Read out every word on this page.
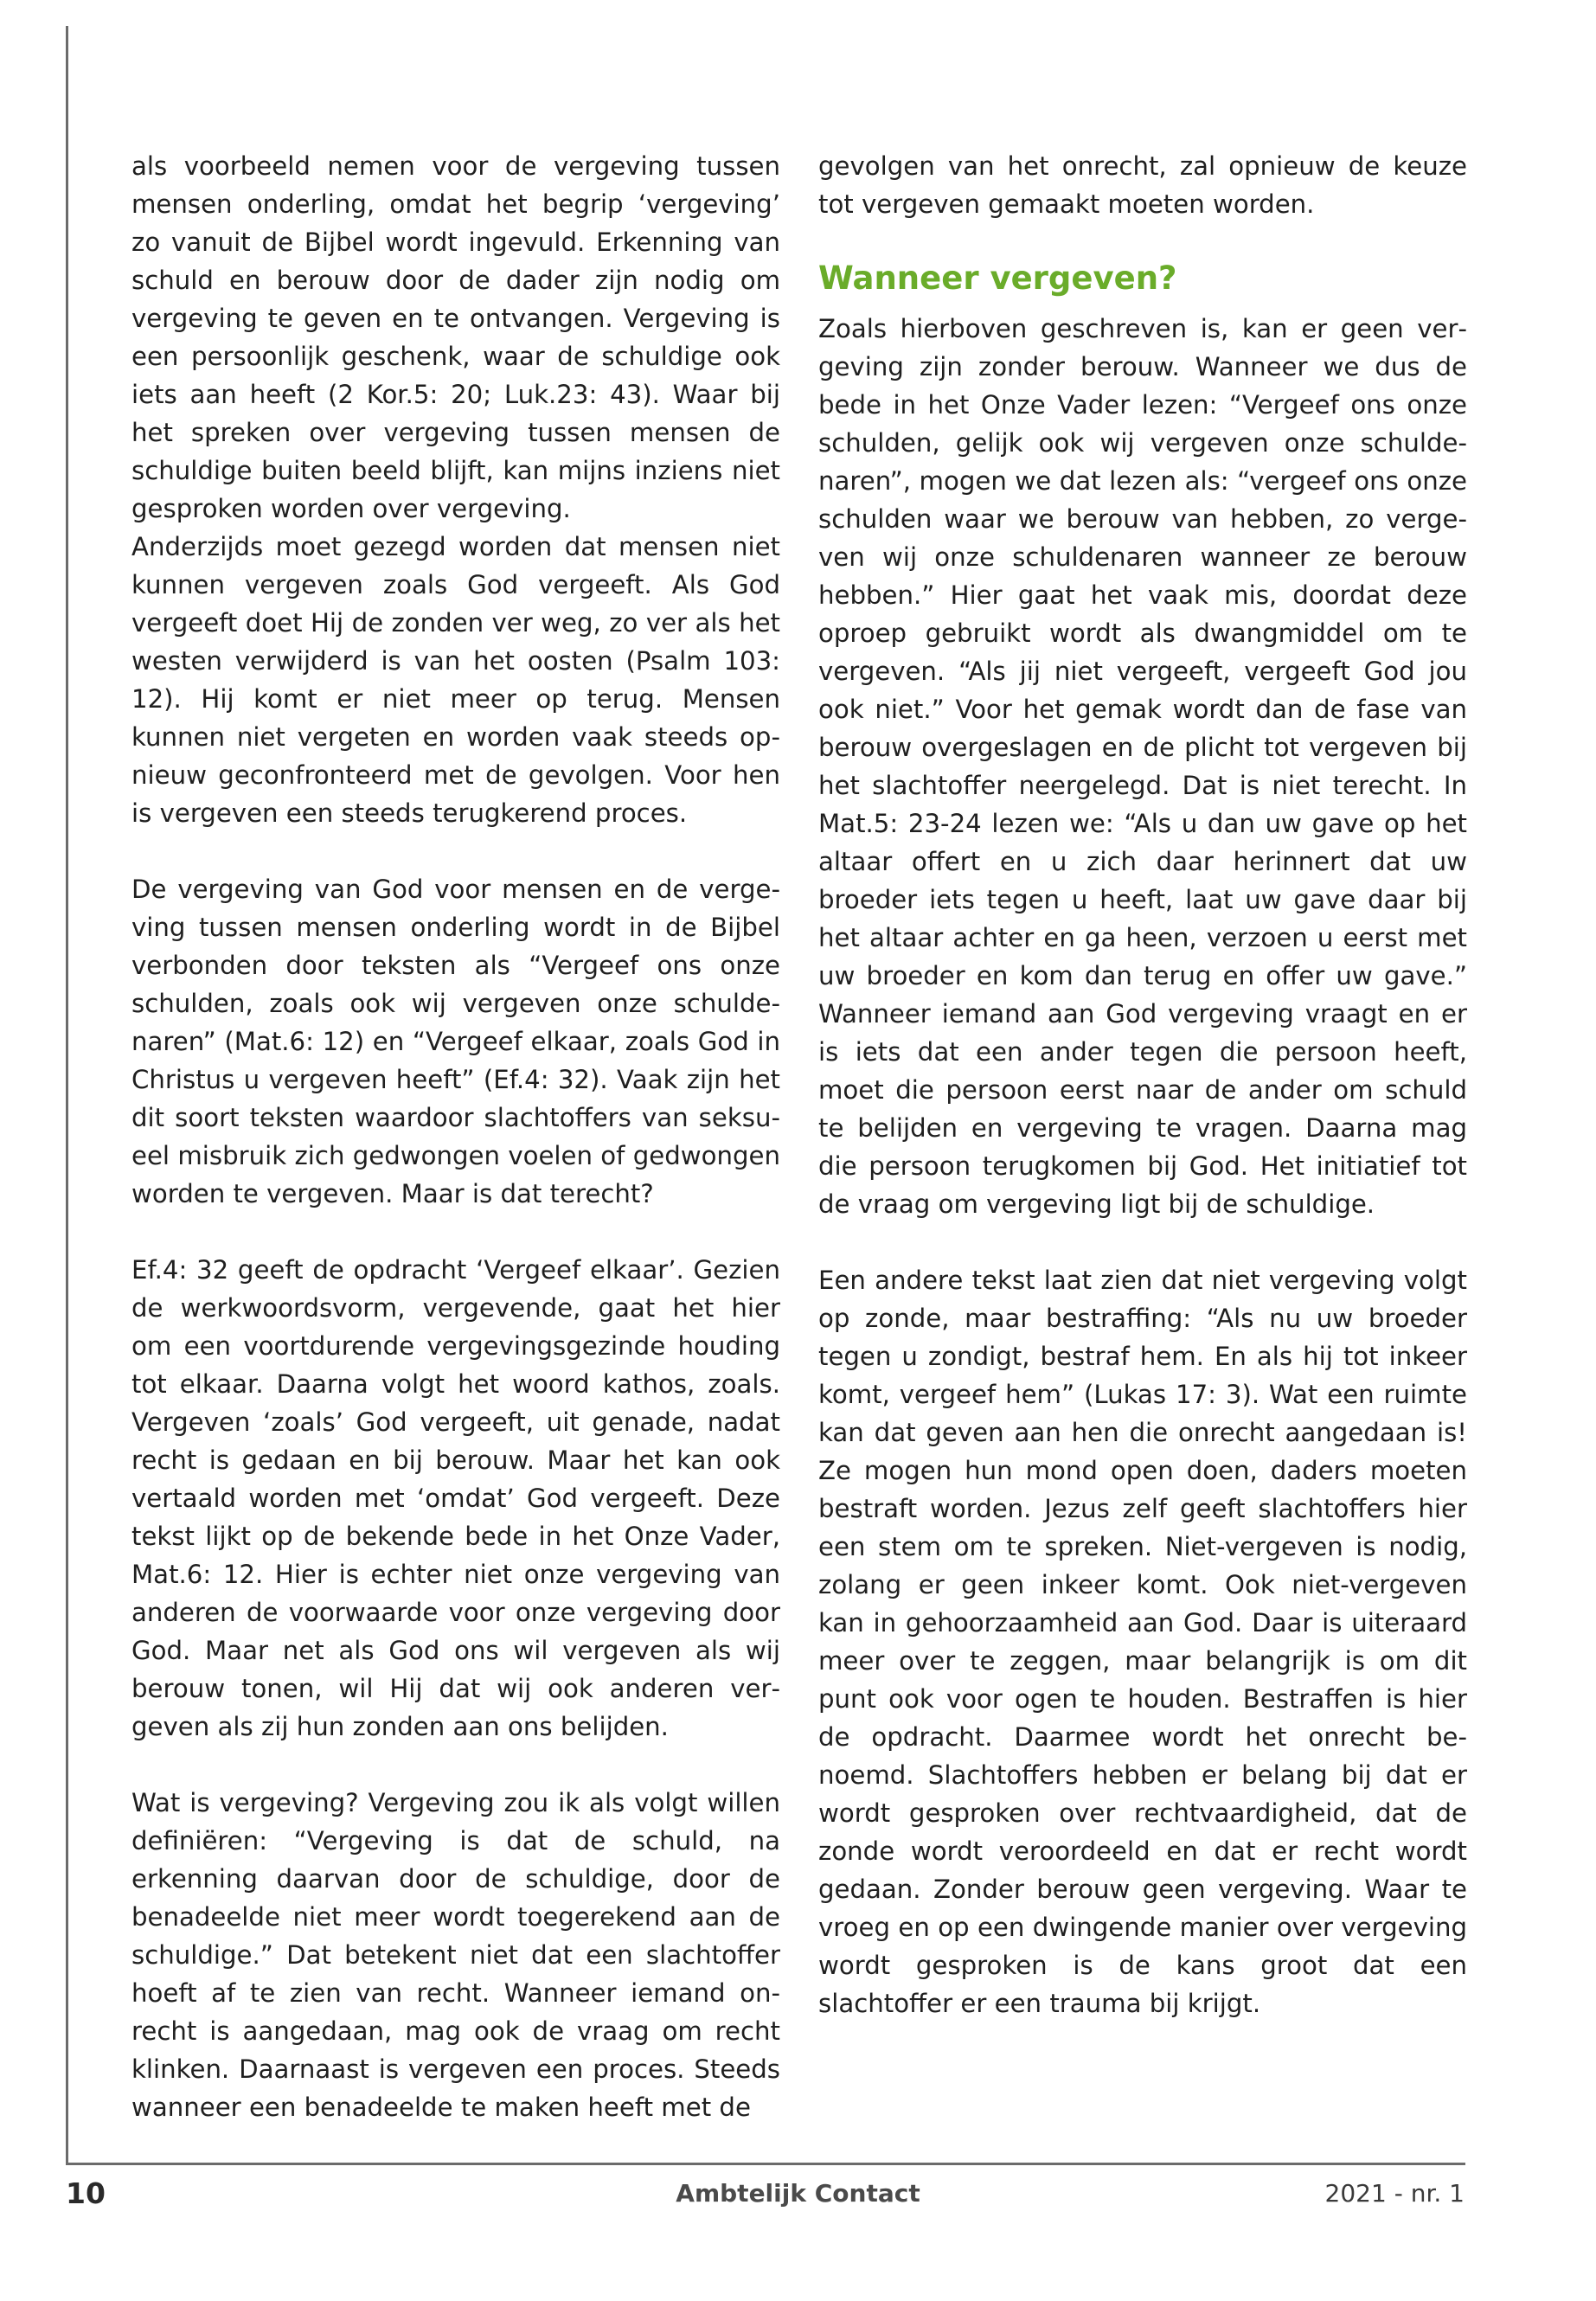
als voorbeeld nemen voor de vergeving tussen mensen onderling, omdat het begrip ‘vergeving’ zo vanuit de Bijbel wordt ingevuld. Erkenning van schuld en berouw door de dader zijn nodig om vergeving te geven en te ontvangen. Vergeving is een persoonlijk geschenk, waar de schuldige ook iets aan heeft (2 Kor.5: 20; Luk.23: 43). Waar bij het spreken over vergeving tussen mensen de schuldige buiten beeld blijft, kan mijns inziens niet gesproken worden over vergeving.

Anderzijds moet gezegd worden dat mensen niet kunnen vergeven zoals God vergeeft. Als God vergeeft doet Hij de zonden ver weg, zo ver als het westen verwijderd is van het oosten (Psalm 103: 12). Hij komt er niet meer op terug. Mensen kunnen niet vergeten en worden vaak steeds opnieuw geconfronteerd met de gevolgen. Voor hen is vergeven een steeds terugkerend proces.

De vergeving van God voor mensen en de vergeving tussen mensen onderling wordt in de Bijbel verbonden door teksten als “Vergeef ons onze schulden, zoals ook wij vergeven onze schuldenaren” (Mat.6: 12) en “Vergeef elkaar, zoals God in Christus u vergeven heeft” (Ef.4: 32). Vaak zijn het dit soort teksten waardoor slachtoffers van seksueel misbruik zich gedwongen voelen of gedwongen worden te vergeven. Maar is dat terecht?

Ef.4: 32 geeft de opdracht ‘Vergeef elkaar’. Gezien de werkwoordsvorm, vergevende, gaat het hier om een voortdurende vergevingsgezinde houding tot elkaar. Daarna volgt het woord kathos, zoals. Vergeven ‘zoals’ God vergeeft, uit genade, nadat recht is gedaan en bij berouw. Maar het kan ook vertaald worden met ‘omdat’ God vergeeft. Deze tekst lijkt op de bekende bede in het Onze Vader, Mat.6: 12. Hier is echter niet onze vergeving van anderen de voorwaarde voor onze vergeving door God. Maar net als God ons wil vergeven als wij berouw tonen, wil Hij dat wij ook anderen vergeven als zij hun zonden aan ons belijden.

Wat is vergeving? Vergeving zou ik als volgt willen definiëren: “Vergeving is dat de schuld, na erkenning daarvan door de schuldige, door de benadeelde niet meer wordt toegerekend aan de schuldige.” Dat betekent niet dat een slachtoffer hoeft af te zien van recht. Wanneer iemand onrecht is aangedaan, mag ook de vraag om recht klinken. Daarnaast is vergeven een proces. Steeds wanneer een benadeelde te maken heeft met de

gevolgen van het onrecht, zal opnieuw de keuze tot vergeven gemaakt moeten worden.

Wanneer vergeven?

Zoals hierboven geschreven is, kan er geen vergeving zijn zonder berouw. Wanneer we dus de bede in het Onze Vader lezen: “Vergeef ons onze schulden, gelijk ook wij vergeven onze schuldenaren”, mogen we dat lezen als: “vergeef ons onze schulden waar we berouw van hebben, zo vergeven wij onze schuldenaren wanneer ze berouw hebben.” Hier gaat het vaak mis, doordat deze oproep gebruikt wordt als dwangmiddel om te vergeven. “Als jij niet vergeeft, vergeeft God jou ook niet.” Voor het gemak wordt dan de fase van berouw overgeslagen en de plicht tot vergeven bij het slachtoffer neergelegd. Dat is niet terecht. In Mat.5: 23-24 lezen we: “Als u dan uw gave op het altaar offert en u zich daar herinnert dat uw broeder iets tegen u heeft, laat uw gave daar bij het altaar achter en ga heen, verzoen u eerst met uw broeder en kom dan terug en offer uw gave.” Wanneer iemand aan God vergeving vraagt en er is iets dat een ander tegen die persoon heeft, moet die persoon eerst naar de ander om schuld te belijden en vergeving te vragen. Daarna mag die persoon terugkomen bij God. Het initiatief tot de vraag om vergeving ligt bij de schuldige.

Een andere tekst laat zien dat niet vergeving volgt op zonde, maar bestraffing: “Als nu uw broeder tegen u zondigt, bestraf hem. En als hij tot inkeer komt, vergeef hem” (Lukas 17: 3). Wat een ruimte kan dat geven aan hen die onrecht aangedaan is! Ze mogen hun mond open doen, daders moeten bestraft worden. Jezus zelf geeft slachtoffers hier een stem om te spreken. Niet-vergeven is nodig, zolang er geen inkeer komt. Ook niet-vergeven kan in gehoorzaamheid aan God. Daar is uiteraard meer over te zeggen, maar belangrijk is om dit punt ook voor ogen te houden. Bestraffen is hier de opdracht. Daarmee wordt het onrecht benoemd. Slachtoffers hebben er belang bij dat er wordt gesproken over rechtvaardigheid, dat de zonde wordt veroordeeld en dat er recht wordt gedaan. Zonder berouw geen vergeving. Waar te vroeg en op een dwingende manier over vergeving wordt gesproken is de kans groot dat een slachtoffer er een trauma bij krijgt.

10	Ambtelijk Contact	2021 - nr. 1
